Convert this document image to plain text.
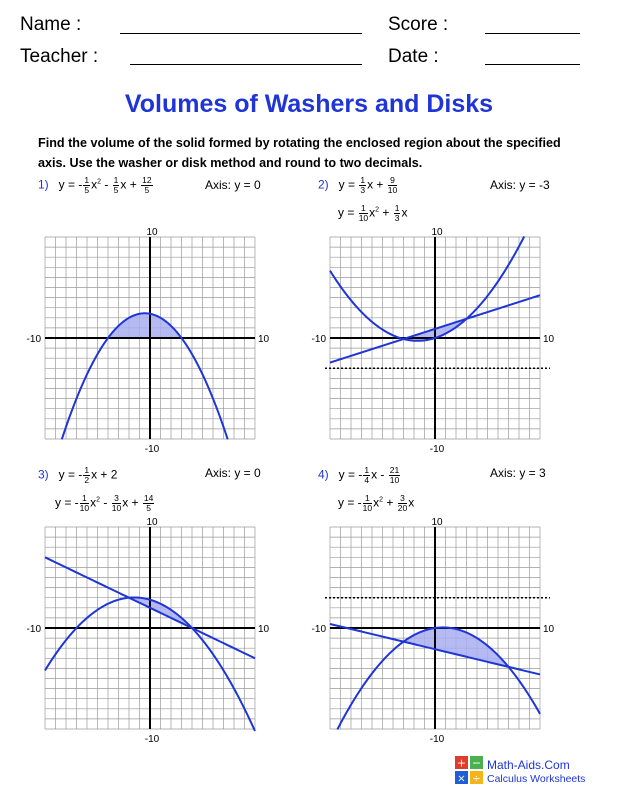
Name :	Score :
Teacher :	Date :
Volumes of Washers and Disks
Find the volume of the solid formed by rotating the enclosed region about the specified axis. Use the washer or disk method and round to two decimals.
1)   y = - $\frac{1}{5} x^2 - \frac{1}{5}$ $x + \frac{12}{5}$	Axis: y = 0	2)   $y = \frac{1}{3}$ $x + \frac{9}{10}$	Axis: y = -3
$y = \frac{1}{10} x^2 + \frac{1}{3}$ x
3)   y = - $\frac{1}{2}$ x + 2	Axis: y = 0
y = - $\frac{1}{10} x^2 - \frac{3}{10}$ $x + \frac{14}{5}$
4)   y = - $\frac{1}{4}$ x - $\frac{21}{10}$	Axis: y = 3
y = - $\frac{1}{10} x^2 + \frac{3}{20}$ x
10
-10
-10	10
10
-10
-10	10
10
-10
-10	10
10
-10
-10	10
+ −
× ÷
Math-Aids.Com
Calculus Worksheets
